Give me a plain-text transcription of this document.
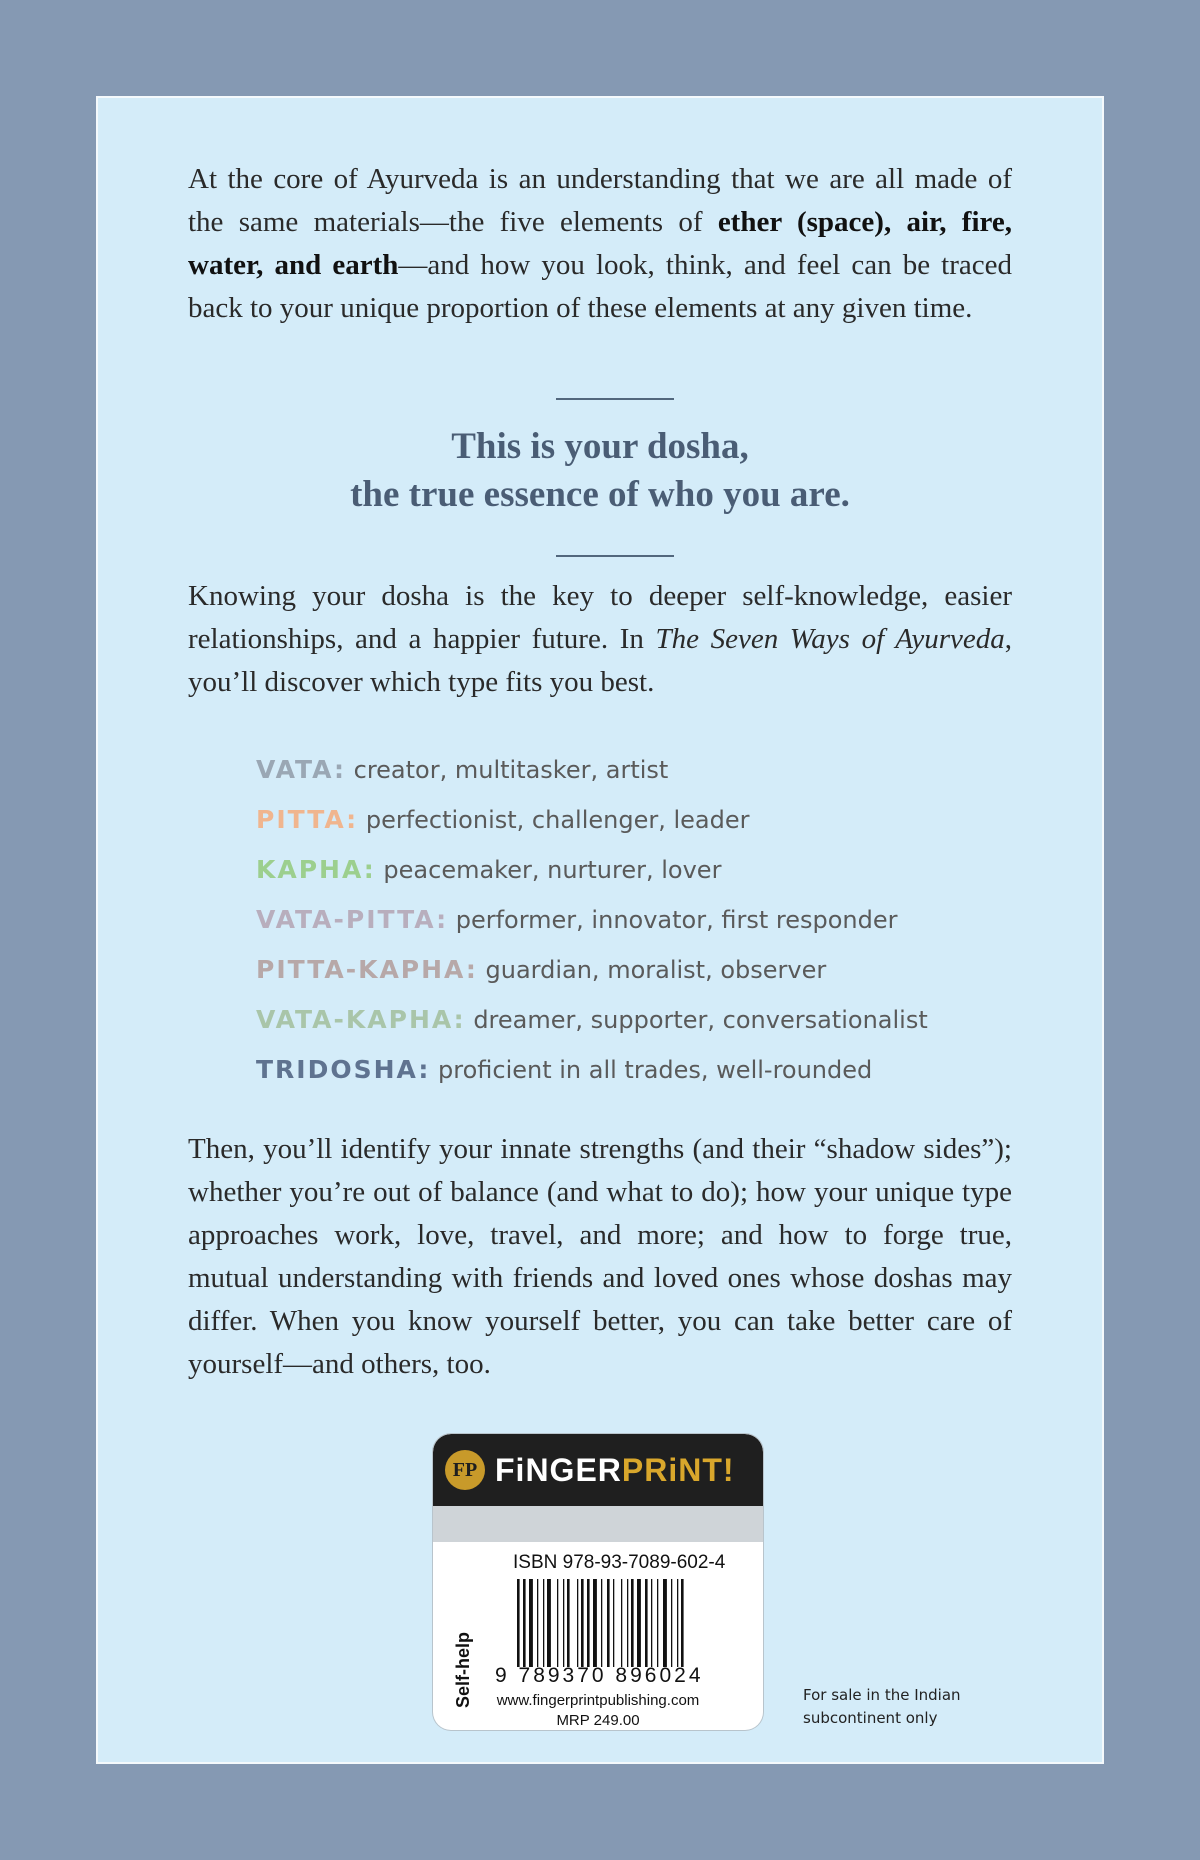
At the core of Ayurveda is an understanding that we are all made of the same materials—the five elements of ether (space), air, fire, water, and earth—and how you look, think, and feel can be traced back to your unique proportion of these elements at any given time.

This is your dosha,

the true essence of who you are.

Knowing your dosha is the key to deeper self-knowledge, easier relationships, and a happier future. In The Seven Ways of Ayurveda, you’ll discover which type fits you best.

VATA: creator, multitasker, artist
PITTA: perfectionist, challenger, leader
KAPHA: peacemaker, nurturer, lover
VATA-PITTA: performer, innovator, first responder
PITTA-KAPHA: guardian, moralist, observer
VATA-KAPHA: dreamer, supporter, conversationalist
TRIDOSHA: proficient in all trades, well-rounded

Then, you’ll identify your innate strengths (and their “shadow sides”); whether you’re out of balance (and what to do); how your unique type approaches work, love, travel, and more; and how to forge true, mutual understanding with friends and loved ones whose doshas may differ. When you know yourself better, you can take better care of yourself—and others, too.

FP FiNGERPRiNT!
Self-help
ISBN 978-93-7089-602-4
9 789370 896024
www.fingerprintpublishing.com
MRP 249.00
For sale in the Indian
subcontinent only
